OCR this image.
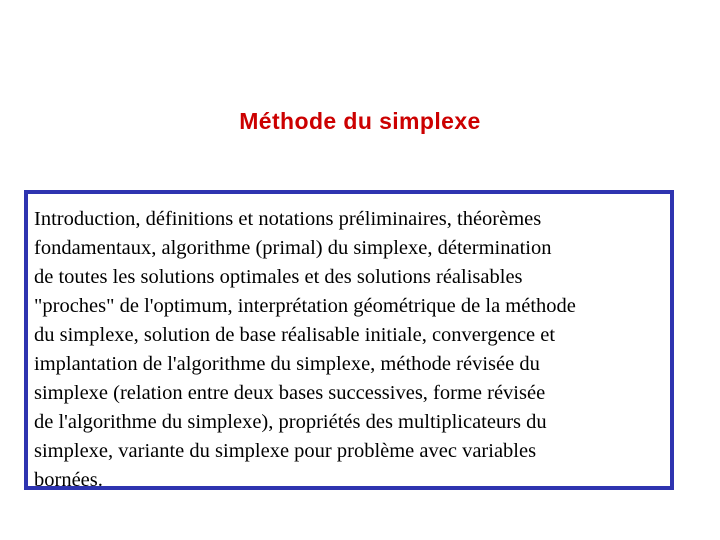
Méthode du simplexe

Introduction, définitions et notations préliminaires, théorèmes
fondamentaux, algorithme (primal) du simplexe, détermination
de toutes les solutions optimales et des solutions réalisables
"proches" de l'optimum, interprétation géométrique de la méthode
du simplexe, solution de base réalisable initiale, convergence et
implantation de l'algorithme du simplexe, méthode révisée du
simplexe (relation entre deux bases successives, forme révisée
de l'algorithme du simplexe), propriétés des multiplicateurs du
simplexe, variante du simplexe pour problème avec variables
bornées.
